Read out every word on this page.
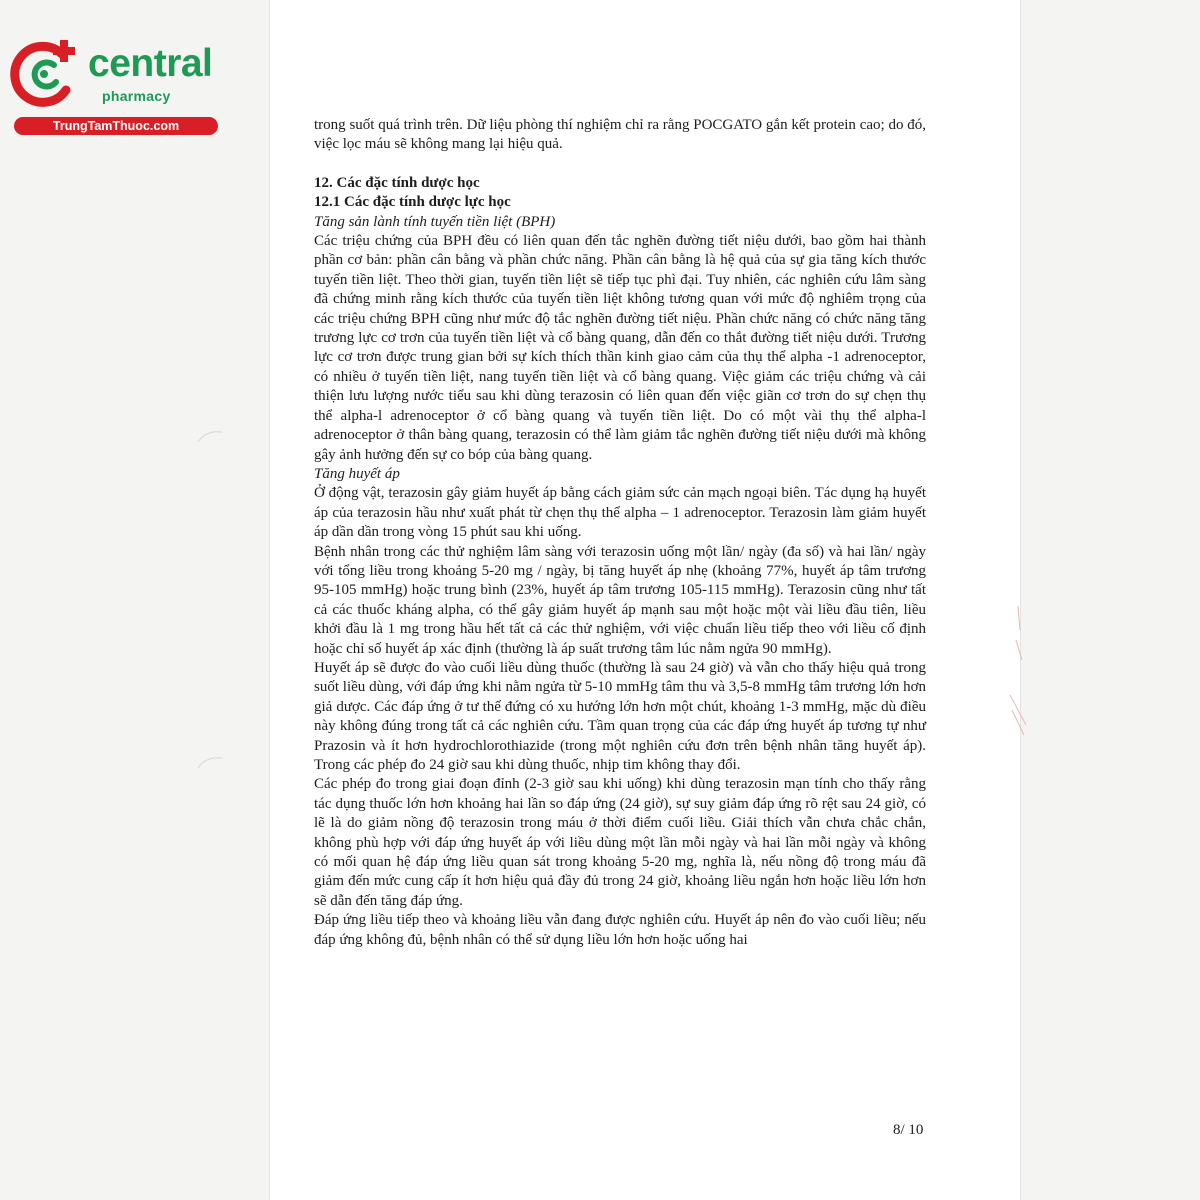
central
pharmacy
TrungTamThuoc.com	trong suốt quá trình trên. Dữ liệu phòng thí nghiệm chỉ ra rằng POCGATO gắn kết protein cao; do đó, việc lọc máu sẽ không mang lại hiệu quả.

12. Các đặc tính dược học
12.1 Các đặc tính dược lực học

Tăng sản lành tính tuyến tiền liệt (BPH)

Các triệu chứng của BPH đều có liên quan đến tắc nghẽn đường tiết niệu dưới, bao gồm hai thành phần cơ bản: phần cân bằng và phần chức năng. Phần cân bằng là hệ quả của sự gia tăng kích thước tuyến tiền liệt. Theo thời gian, tuyến tiền liệt sẽ tiếp tục phì đại. Tuy nhiên, các nghiên cứu lâm sàng đã chứng minh rằng kích thước của tuyến tiền liệt không tương quan với mức độ nghiêm trọng của các triệu chứng BPH cũng như mức độ tắc nghẽn đường tiết niệu. Phần chức năng có chức năng tăng trương lực cơ trơn của tuyến tiền liệt và cổ bàng quang, dẫn đến co thắt đường tiết niệu dưới. Trương lực cơ trơn được trung gian bởi sự kích thích thần kinh giao cảm của thụ thể alpha -1 adrenoceptor, có nhiều ở tuyến tiền liệt, nang tuyến tiền liệt và cổ bàng quang. Việc giảm các triệu chứng và cải thiện lưu lượng nước tiểu sau khi dùng terazosin có liên quan đến việc giãn cơ trơn do sự chẹn thụ thể alpha-l adrenoceptor ở cổ bàng quang và tuyến tiền liệt. Do có một vài thụ thể alpha-l adrenoceptor ở thân bàng quang, terazosin có thể làm giảm tắc nghẽn đường tiết niệu dưới mà không gây ảnh hưởng đến sự co bóp của bàng quang.

Tăng huyết áp

Ở động vật, terazosin gây giảm huyết áp bằng cách giảm sức cản mạch ngoại biên. Tác dụng hạ huyết áp của terazosin hầu như xuất phát từ chẹn thụ thể alpha – 1 adrenoceptor. Terazosin làm giảm huyết áp dần dần trong vòng 15 phút sau khi uống.

Bệnh nhân trong các thử nghiệm lâm sàng với terazosin uống một lần/ ngày (đa số) và hai lần/ ngày với tổng liều trong khoảng 5-20 mg / ngày, bị tăng huyết áp nhẹ (khoảng 77%, huyết áp tâm trương 95-105 mmHg) hoặc trung bình (23%, huyết áp tâm trương 105-115 mmHg). Terazosin cũng như tất cả các thuốc kháng alpha, có thể gây giảm huyết áp mạnh sau một hoặc một vài liều đầu tiên, liều khởi đầu là 1 mg trong hầu hết tất cả các thử nghiệm, với việc chuẩn liều tiếp theo với liều cố định hoặc chỉ số huyết áp xác định (thường là áp suất trương tâm lúc nằm ngửa 90 mmHg).

Huyết áp sẽ được đo vào cuối liều dùng thuốc (thường là sau 24 giờ) và vẫn cho thấy hiệu quả trong suốt liều dùng, với đáp ứng khi nằm ngửa từ 5-10 mmHg tâm thu và 3,5-8 mmHg tâm trương lớn hơn giả dược. Các đáp ứng ở tư thế đứng có xu hướng lớn hơn một chút, khoảng 1-3 mmHg, mặc dù điều này không đúng trong tất cả các nghiên cứu. Tầm quan trọng của các đáp ứng huyết áp tương tự như Prazosin và ít hơn hydrochlorothiazide (trong một nghiên cứu đơn trên bệnh nhân tăng huyết áp). Trong các phép đo 24 giờ sau khi dùng thuốc, nhịp tim không thay đổi.

Các phép đo trong giai đoạn đỉnh (2-3 giờ sau khi uống) khi dùng terazosin mạn tính cho thấy rằng tác dụng thuốc lớn hơn khoảng hai lần so đáp ứng (24 giờ), sự suy giảm đáp ứng rõ rệt sau 24 giờ, có lẽ là do giảm nồng độ terazosin trong máu ở thời điểm cuối liều. Giải thích vẫn chưa chắc chắn, không phù hợp với đáp ứng huyết áp với liều dùng một lần mỗi ngày và hai lần mỗi ngày và không có mối quan hệ đáp ứng liều quan sát trong khoảng 5-20 mg, nghĩa là, nếu nồng độ trong máu đã giảm đến mức cung cấp ít hơn hiệu quả đầy đủ trong 24 giờ, khoảng liều ngắn hơn hoặc liều lớn hơn sẽ dẫn đến tăng đáp ứng.

Đáp ứng liều tiếp theo và khoảng liều vẫn đang được nghiên cứu. Huyết áp nên đo vào cuối liều; nếu đáp ứng không đủ, bệnh nhân có thể sử dụng liều lớn hơn hoặc uống hai

8/ 10
